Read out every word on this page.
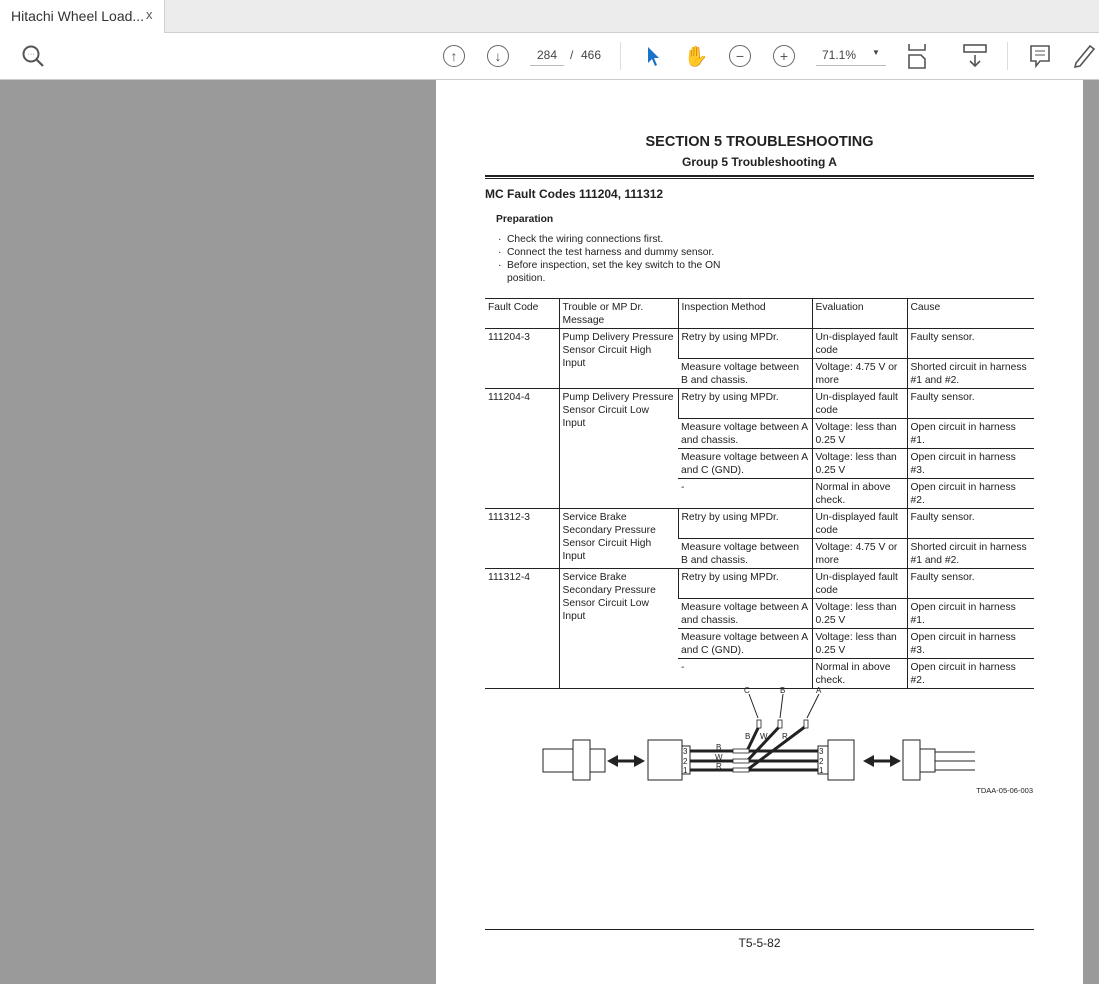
Hitachi Wheel Load... x
···	↑	↓	284	/ 466	✋	−	+	71.1% ▼
SECTION 5 TROUBLESHOOTING
Group 5 Troubleshooting A
MC Fault Codes 111204, 111312
Preparation
· Check the wiring connections first.
· Connect the test harness and dummy sensor.
· Before inspection, set the key switch to the ON position.
Fault Code	Trouble or MP Dr. Message	Inspection Method	Evaluation	Cause
111204-3	Pump Delivery Pressure Sensor Circuit High Input	Retry by using MPDr.	Un-displayed fault code	Faulty sensor.
		Measure voltage between B and chassis.	Voltage: 4.75 V or more	Shorted circuit in harness #1 and #2.
111204-4	Pump Delivery Pressure Sensor Circuit Low Input	Retry by using MPDr.	Un-displayed fault code	Faulty sensor.
		Measure voltage between A and chassis.	Voltage: less than 0.25 V	Open circuit in harness #1.
		Measure voltage between A and C (GND).	Voltage: less than 0.25 V	Open circuit in harness #3.
		-	Normal in above check.	Open circuit in harness #2.
111312-3	Service Brake Secondary Pressure Sensor Circuit High Input	Retry by using MPDr.	Un-displayed fault code	Faulty sensor.
		Measure voltage between B and chassis.	Voltage: 4.75 V or more	Shorted circuit in harness #1 and #2.
111312-4	Service Brake Secondary Pressure Sensor Circuit Low Input	Retry by using MPDr.	Un-displayed fault code	Faulty sensor.
		Measure voltage between A and chassis.	Voltage: less than 0.25 V	Open circuit in harness #1.
		Measure voltage between A and C (GND).	Voltage: less than 0.25 V	Open circuit in harness #3.
		-	Normal in above check.	Open circuit in harness #2.
C	B	A
B W R
B
W
R
3
2
1
3
2
1
TDAA-05-06-003
T5-5-82
